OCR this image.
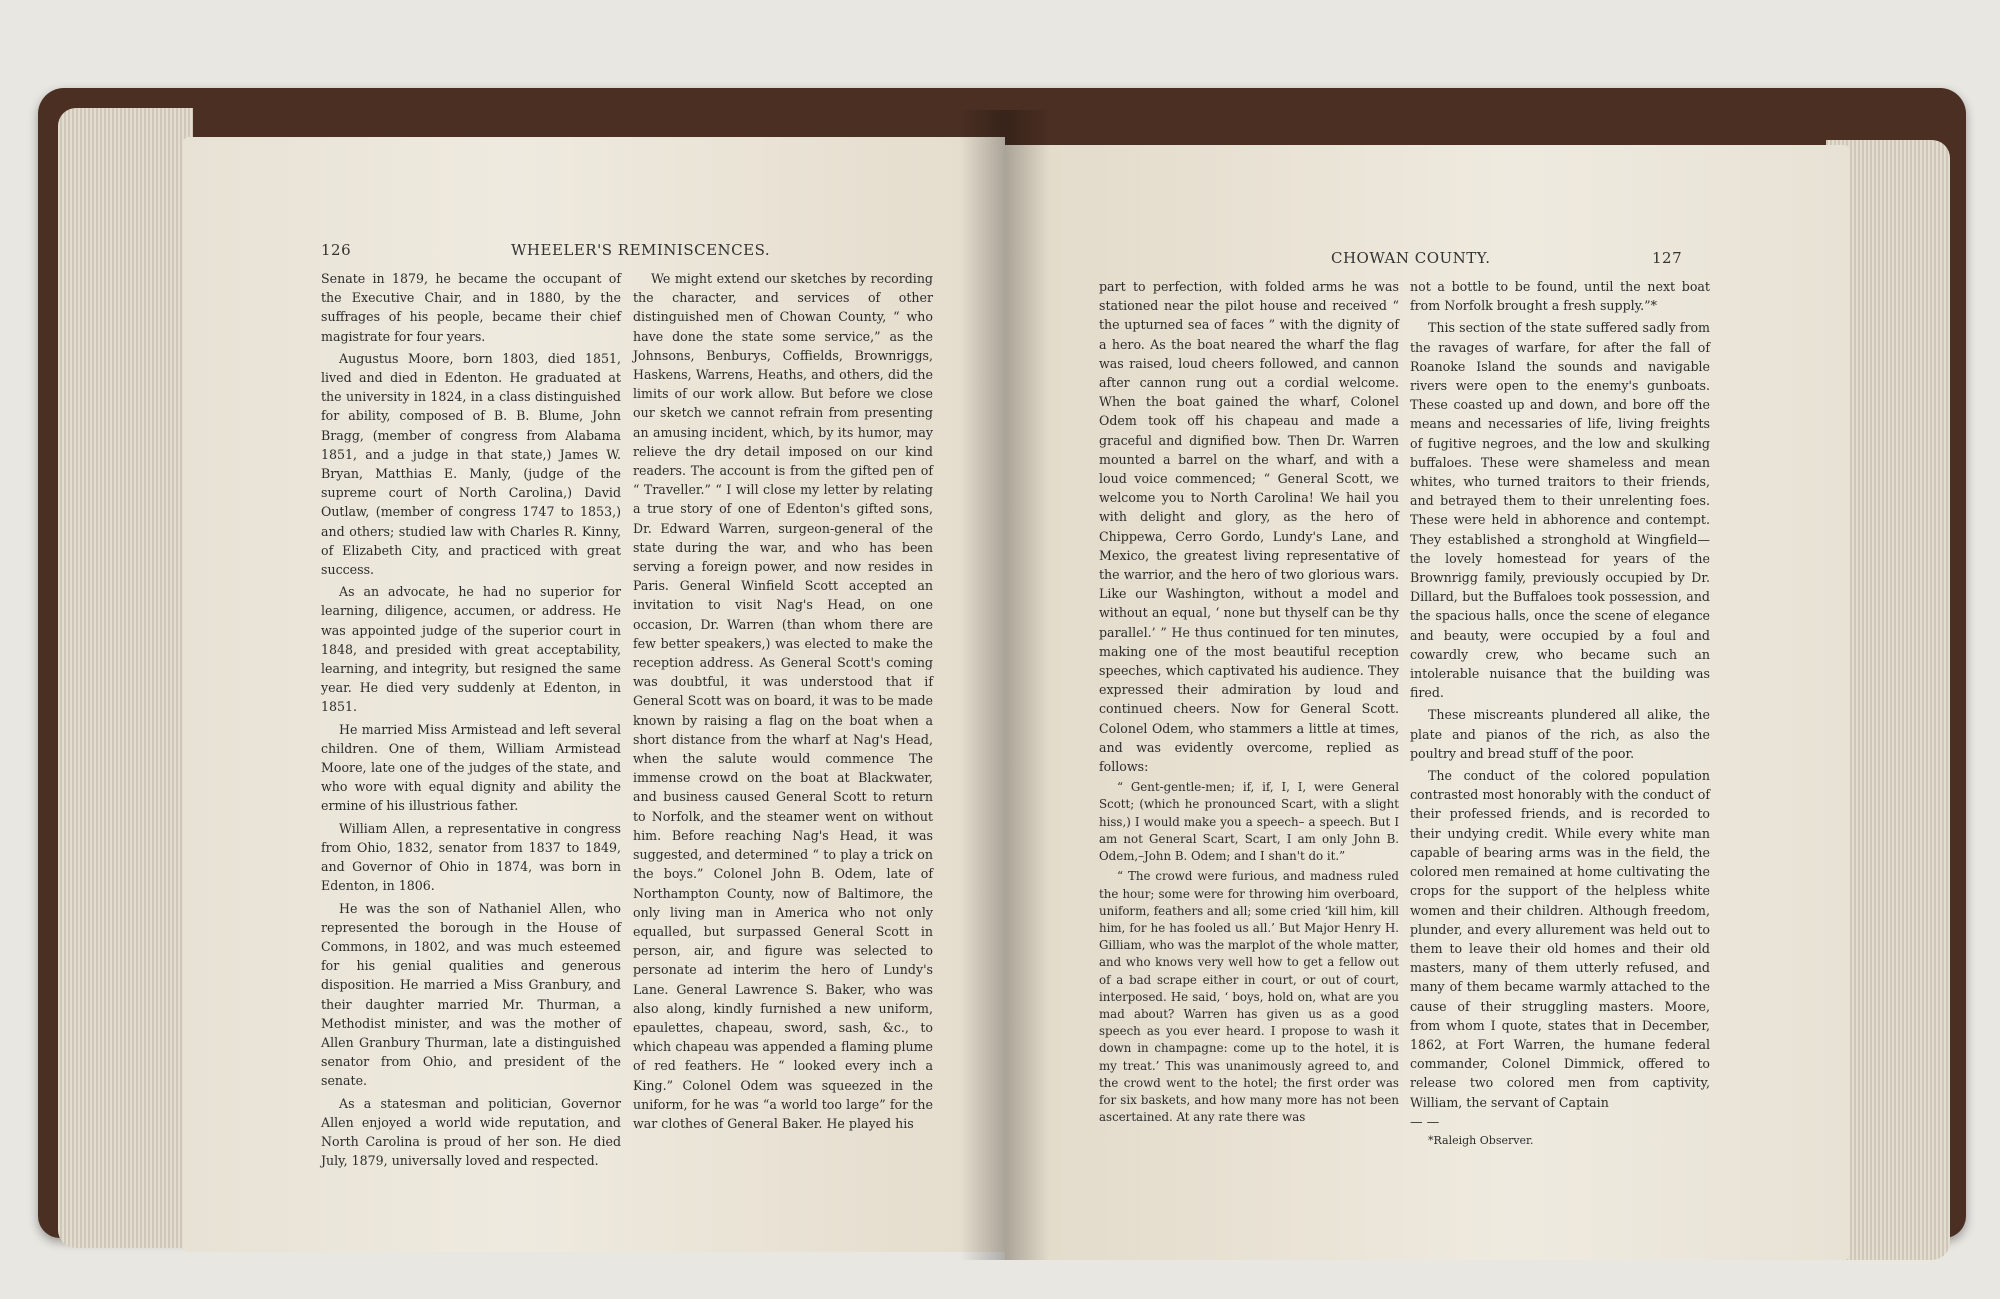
126	WHEELER'S REMINISCENCES.

Senate in 1879, he became the occupant of the Executive Chair, and in 1880, by the suffrages of his people, became their chief magistrate for four years.

Augustus Moore, born 1803, died 1851, lived and died in Edenton. He graduated at the university in 1824, in a class distinguished for ability, composed of B. B. Blume, John Bragg, (member of congress from Alabama 1851, and a judge in that state,) James W. Bryan, Matthias E. Manly, (judge of the supreme court of North Carolina,) David Outlaw, (member of congress 1747 to 1853,) and others; studied law with Charles R. Kinny, of Elizabeth City, and practiced with great success.

As an advocate, he had no superior for learning, diligence, accumen, or address. He was appointed judge of the superior court in 1848, and presided with great acceptability, learning, and integrity, but resigned the same year. He died very suddenly at Edenton, in 1851.

He married Miss Armistead and left several children. One of them, William Armistead Moore, late one of the judges of the state, and who wore with equal dignity and ability the ermine of his illustrious father.

William Allen, a representative in congress from Ohio, 1832, senator from 1837 to 1849, and Governor of Ohio in 1874, was born in Edenton, in 1806.

He was the son of Nathaniel Allen, who represented the borough in the House of Commons, in 1802, and was much esteemed for his genial qualities and generous disposition. He married a Miss Granbury, and their daughter married Mr. Thurman, a Methodist minister, and was the mother of Allen Granbury Thurman, late a distinguished senator from Ohio, and president of the senate.

As a statesman and politician, Governor Allen enjoyed a world wide reputation, and North Carolina is proud of her son. He died July, 1879, universally loved and respected.

We might extend our sketches by recording the character, and services of other distinguished men of Chowan County, “ who have done the state some service,” as the Johnsons, Benburys, Coffields, Brownriggs, Haskens, Warrens, Heaths, and others, did the limits of our work allow. But before we close our sketch we cannot refrain from presenting an amusing incident, which, by its humor, may relieve the dry detail imposed on our kind readers. The account is from the gifted pen of “ Traveller.” “ I will close my letter by relating a true story of one of Edenton's gifted sons, Dr. Edward Warren, surgeon-general of the state during the war, and who has been serving a foreign power, and now resides in Paris. General Winfield Scott accepted an invitation to visit Nag's Head, on one occasion, Dr. Warren (than whom there are few better speakers,) was elected to make the reception address. As General Scott's coming was doubtful, it was understood that if General Scott was on board, it was to be made known by raising a flag on the boat when a short distance from the wharf at Nag's Head, when the salute would commence The immense crowd on the boat at Blackwater, and business caused General Scott to return to Norfolk, and the steamer went on without him. Before reaching Nag's Head, it was suggested, and determined “ to play a trick on the boys.” Colonel John B. Odem, late of Northampton County, now of Baltimore, the only living man in America who not only equalled, but surpassed General Scott in person, air, and figure was selected to personate ad interim the hero of Lundy's Lane. General Lawrence S. Baker, who was also along, kindly furnished a new uniform, epaulettes, chapeau, sword, sash, &c., to which chapeau was appended a flaming plume of red feathers. He “ looked every inch a King.” Colonel Odem was squeezed in the uniform, for he was “a world too large” for the war clothes of General Baker. He played his

CHOWAN COUNTY.	127

part to perfection, with folded arms he was stationed near the pilot house and received “ the upturned sea of faces ” with the dignity of a hero. As the boat neared the wharf the flag was raised, loud cheers followed, and cannon after cannon rung out a cordial welcome. When the boat gained the wharf, Colonel Odem took off his chapeau and made a graceful and dignified bow. Then Dr. Warren mounted a barrel on the wharf, and with a loud voice commenced; “ General Scott, we welcome you to North Carolina! We hail you with delight and glory, as the hero of Chippewa, Cerro Gordo, Lundy's Lane, and Mexico, the greatest living representative of the warrior, and the hero of two glorious wars. Like our Washington, without a model and without an equal, ‘ none but thyself can be thy parallel.’ ” He thus continued for ten minutes, making one of the most beautiful reception speeches, which captivated his audience. They expressed their admiration by loud and continued cheers. Now for General Scott. Colonel Odem, who stammers a little at times, and was evidently overcome, replied as follows:

“ Gent-gentle-men; if, if, I, I, were General Scott; (which he pronounced Scart, with a slight hiss,) I would make you a speech– a speech. But I am not General Scart, Scart, I am only John B. Odem,–John B. Odem; and I shan't do it.”

“ The crowd were furious, and madness ruled the hour; some were for throwing him overboard, uniform, feathers and all; some cried ‘kill him, kill him, for he has fooled us all.’ But Major Henry H. Gilliam, who was the marplot of the whole matter, and who knows very well how to get a fellow out of a bad scrape either in court, or out of court, interposed. He said, ‘ boys, hold on, what are you mad about? Warren has given us as a good speech as you ever heard. I propose to wash it down in champagne: come up to the hotel, it is my treat.’ This was unanimously agreed to, and the crowd went to the hotel; the first order was for six baskets, and how many more has not been ascertained. At any rate there was

not a bottle to be found, until the next boat from Norfolk brought a fresh supply.”*

This section of the state suffered sadly from the ravages of warfare, for after the fall of Roanoke Island the sounds and navigable rivers were open to the enemy's gunboats. These coasted up and down, and bore off the means and necessaries of life, living freights of fugitive negroes, and the low and skulking buffaloes. These were shameless and mean whites, who turned traitors to their friends, and betrayed them to their unrelenting foes. These were held in abhorence and contempt. They established a stronghold at Wingfield—the lovely homestead for years of the Brownrigg family, previously occupied by Dr. Dillard, but the Buffaloes took possession, and the spacious halls, once the scene of elegance and beauty, were occupied by a foul and cowardly crew, who became such an intolerable nuisance that the building was fired.

These miscreants plundered all alike, the plate and pianos of the rich, as also the poultry and bread stuff of the poor.

The conduct of the colored population contrasted most honorably with the conduct of their professed friends, and is recorded to their undying credit. While every white man capable of bearing arms was in the field, the colored men remained at home cultivating the crops for the support of the helpless white women and their children. Although freedom, plunder, and every allurement was held out to them to leave their old homes and their old masters, many of them utterly refused, and many of them became warmly attached to the cause of their struggling masters. Moore, from whom I quote, states that in December, 1862, at Fort Warren, the humane federal commander, Colonel Dimmick, offered to release two colored men from captivity, William, the servant of Captain

— —

*Raleigh Observer.
